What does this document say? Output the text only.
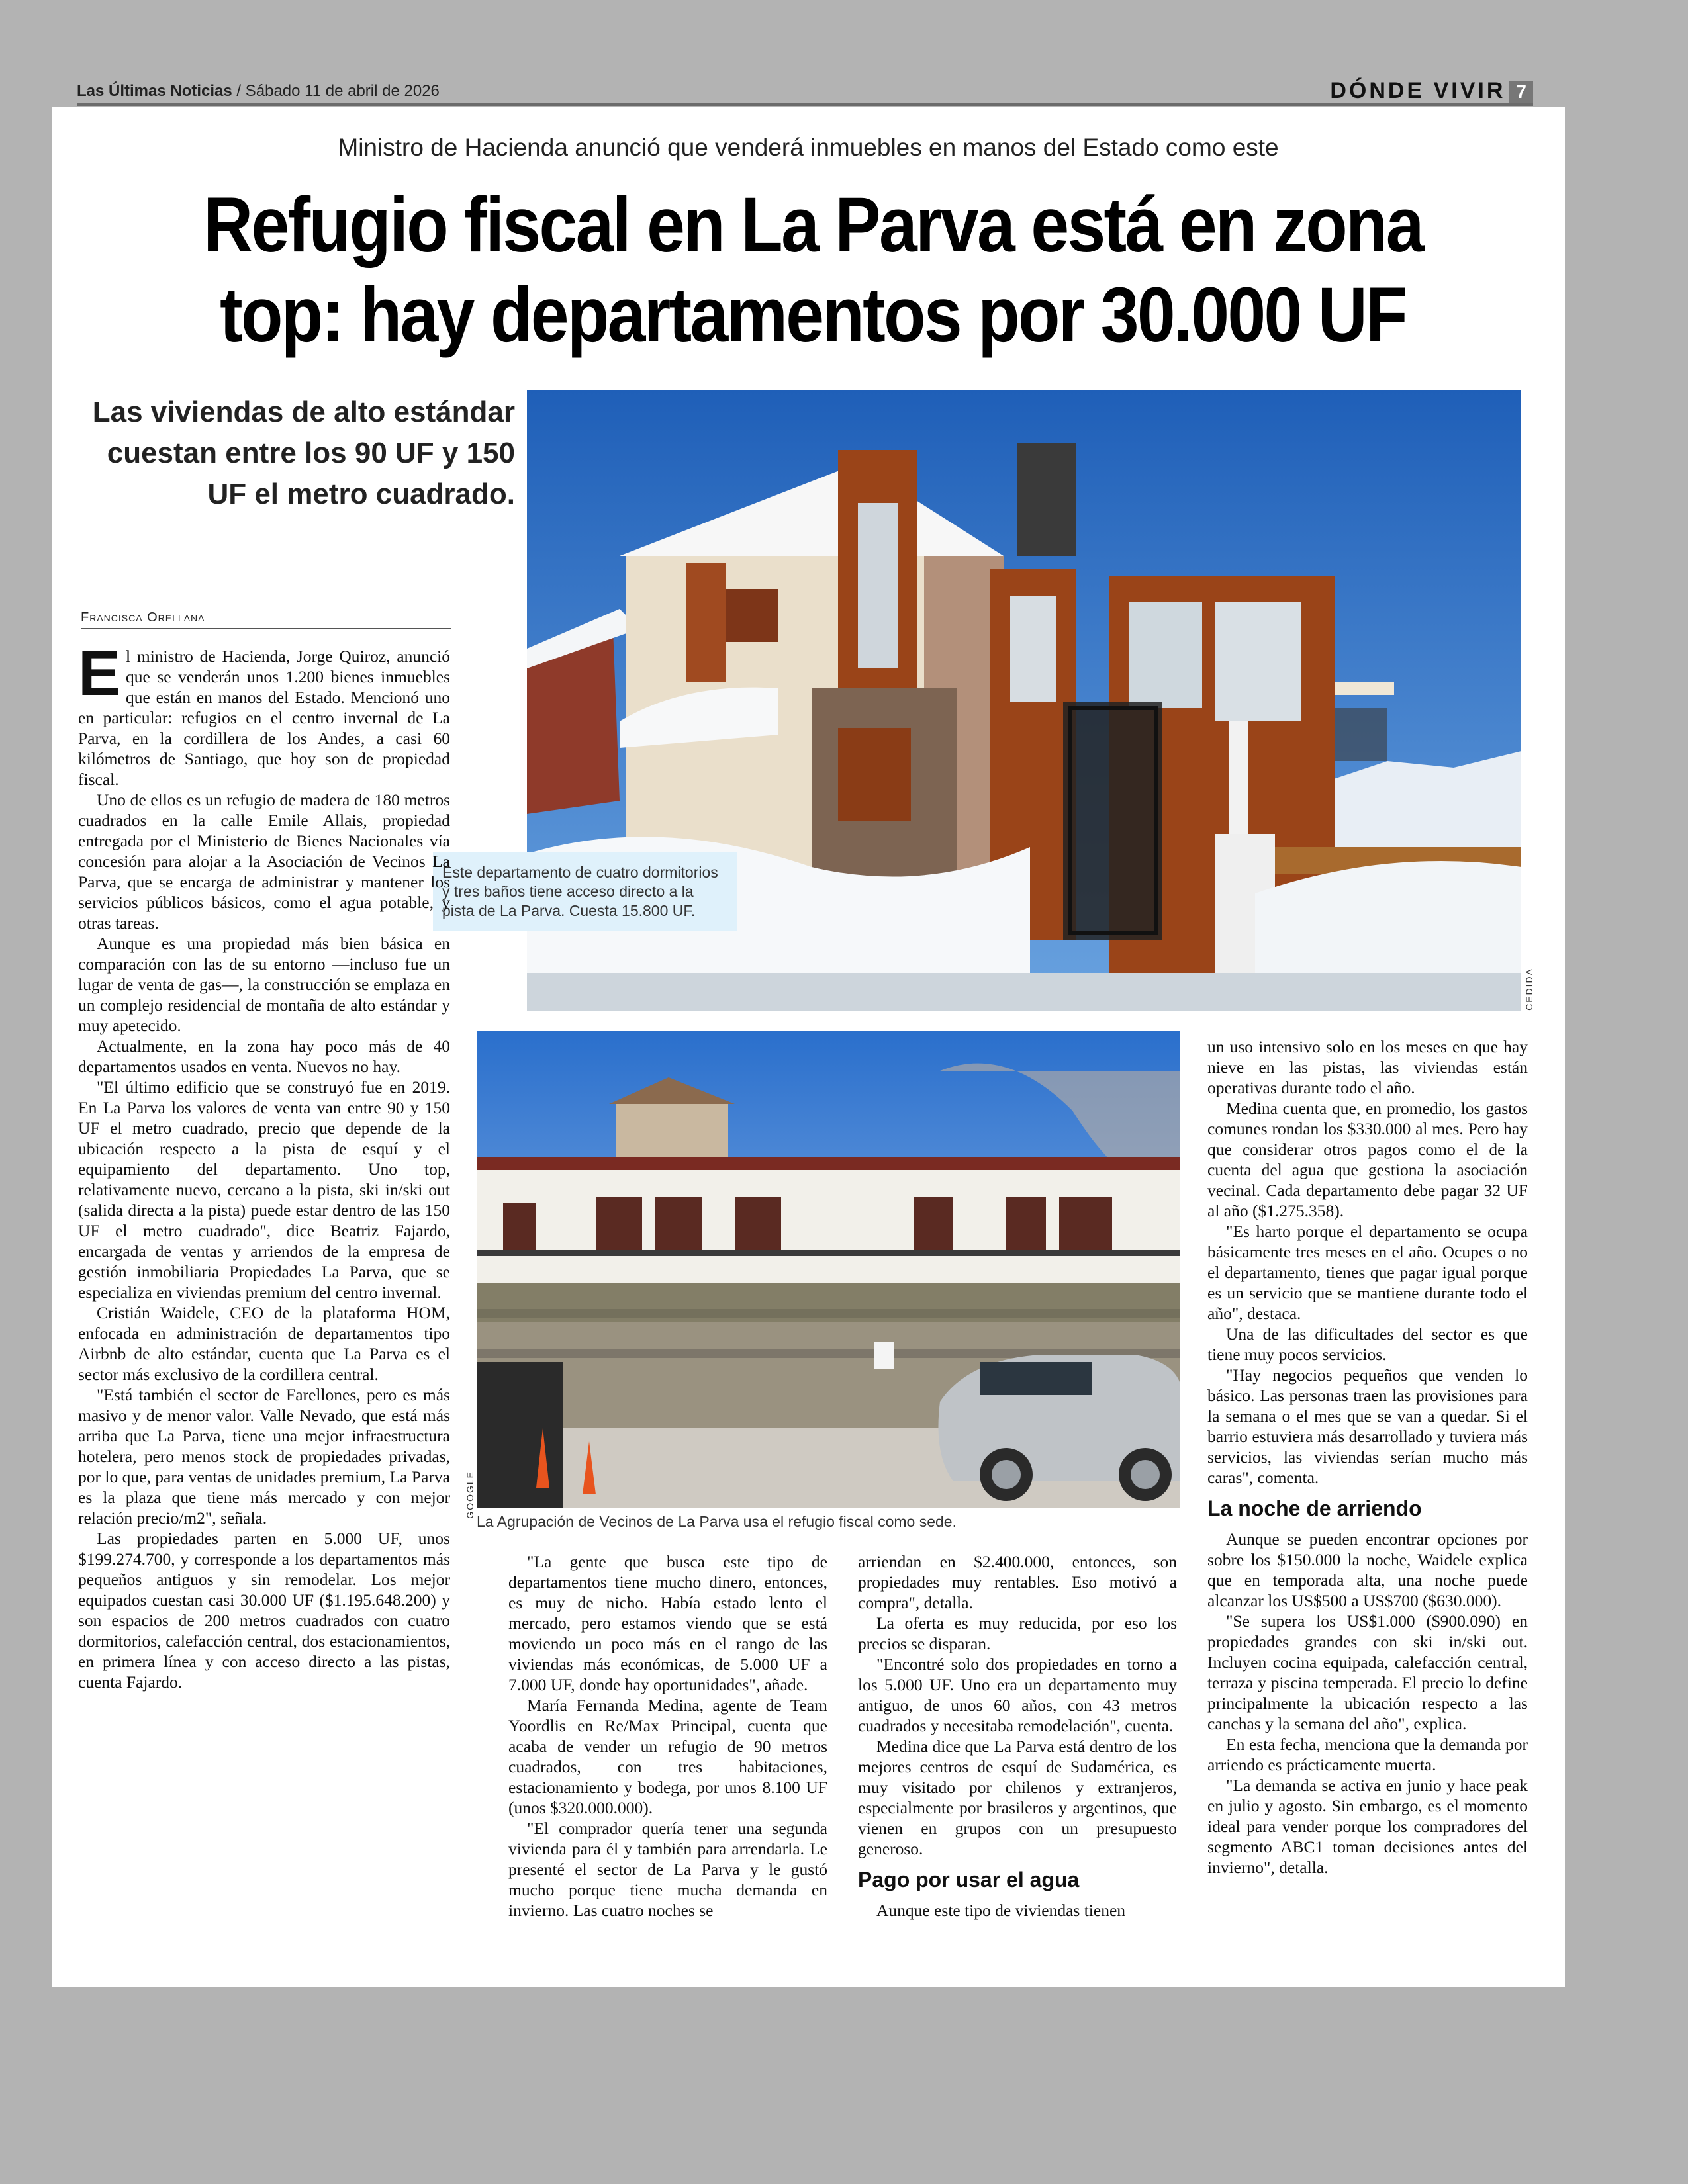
Las Últimas Noticias / Sábado 11 de abril de 2026	DÓNDE VIVIR 7
Ministro de Hacienda anunció que venderá inmuebles en manos del Estado como este
Refugio fiscal en La Parva está en zona
top: hay departamentos por 30.000 UF
Las viviendas de alto estándar cuestan entre los 90 UF y 150 UF el metro cuadrado.
Francisca Orellana
CEDIDA
Este departamento de cuatro dormitorios y tres baños tiene acceso directo a la pista de La Parva. Cuesta 15.800 UF.
GOOGLE
La Agrupación de Vecinos de La Parva usa el refugio fiscal como sede.

El ministro de Hacienda, Jorge Quiroz, anunció que se venderán unos 1.200 bienes inmuebles que están en manos del Estado. Mencionó uno en particular: refugios en el centro invernal de La Parva, en la cordillera de los Andes, a casi 60 kilómetros de Santiago, que hoy son de propiedad fiscal.

Uno de ellos es un refugio de madera de 180 metros cuadrados en la calle Emile Allais, propiedad entregada por el Ministerio de Bienes Nacionales vía concesión para alojar a la Asociación de Vecinos La Parva, que se encarga de administrar y mantener los servicios públicos básicos, como el agua potable, y otras tareas.

Aunque es una propiedad más bien básica en comparación con las de su entorno —incluso fue un lugar de venta de gas—, la construcción se emplaza en un complejo residencial de montaña de alto estándar y muy apetecido.

Actualmente, en la zona hay poco más de 40 departamentos usados en venta. Nuevos no hay.

"El último edificio que se construyó fue en 2019. En La Parva los valores de venta van entre 90 y 150 UF el metro cuadrado, precio que depende de la ubicación respecto a la pista de esquí y el equipamiento del departamento. Uno top, relativamente nuevo, cercano a la pista, ski in/ski out (salida directa a la pista) puede estar dentro de las 150 UF el metro cuadrado", dice Beatriz Fajardo, encargada de ventas y arriendos de la empresa de gestión inmobiliaria Propiedades La Parva, que se especializa en viviendas premium del centro invernal.

Cristián Waidele, CEO de la plataforma HOM, enfocada en administración de departamentos tipo Airbnb de alto estándar, cuenta que La Parva es el sector más exclusivo de la cordillera central.

"Está también el sector de Farellones, pero es más masivo y de menor valor. Valle Nevado, que está más arriba que La Parva, tiene una mejor infraestructura hotelera, pero menos stock de propiedades privadas, por lo que, para ventas de unidades premium, La Parva es la plaza que tiene más mercado y con mejor relación precio/m2", señala.

Las propiedades parten en 5.000 UF, unos $199.274.700, y corresponde a los departamentos más pequeños antiguos y sin remodelar. Los mejor equipados cuestan casi 30.000 UF ($1.195.648.200) y son espacios de 200 metros cuadrados con cuatro dormitorios, calefacción central, dos estacionamientos, en primera línea y con acceso directo a las pistas, cuenta Fajardo.

"La gente que busca este tipo de departamentos tiene mucho dinero, entonces, es muy de nicho. Había estado lento el mercado, pero estamos viendo que se está moviendo un poco más en el rango de las viviendas más económicas, de 5.000 UF a 7.000 UF, donde hay oportunidades", añade.

María Fernanda Medina, agente de Team Yoordlis en Re/Max Principal, cuenta que acaba de vender un refugio de 90 metros cuadrados, con tres habitaciones, estacionamiento y bodega, por unos 8.100 UF (unos $320.000.000).

"El comprador quería tener una segunda vivienda para él y también para arrendarla. Le presenté el sector de La Parva y le gustó mucho porque tiene mucha demanda en invierno. Las cuatro noches se

arriendan en $2.400.000, entonces, son propiedades muy rentables. Eso motivó a compra", detalla.

La oferta es muy reducida, por eso los precios se disparan.

"Encontré solo dos propiedades en torno a los 5.000 UF. Uno era un departamento muy antiguo, de unos 60 años, con 43 metros cuadrados y necesitaba remodelación", cuenta.

Medina dice que La Parva está dentro de los mejores centros de esquí de Sudamérica, es muy visitado por chilenos y extranjeros, especialmente por brasileros y argentinos, que vienen en grupos con un presupuesto generoso.

Pago por usar el agua

Aunque este tipo de viviendas tienen

un uso intensivo solo en los meses en que hay nieve en las pistas, las viviendas están operativas durante todo el año.

Medina cuenta que, en promedio, los gastos comunes rondan los $330.000 al mes. Pero hay que considerar otros pagos como el de la cuenta del agua que gestiona la asociación vecinal. Cada departamento debe pagar 32 UF al año ($1.275.358).

"Es harto porque el departamento se ocupa básicamente tres meses en el año. Ocupes o no el departamento, tienes que pagar igual porque es un servicio que se mantiene durante todo el año", destaca.

Una de las dificultades del sector es que tiene muy pocos servicios.

"Hay negocios pequeños que venden lo básico. Las personas traen las provisiones para la semana o el mes que se van a quedar. Si el barrio estuviera más desarrollado y tuviera más servicios, las viviendas serían mucho más caras", comenta.

La noche de arriendo

Aunque se pueden encontrar opciones por sobre los $150.000 la noche, Waidele explica que en temporada alta, una noche puede alcanzar los US$500 a US$700 ($630.000).

"Se supera los US$1.000 ($900.090) en propiedades grandes con ski in/ski out. Incluyen cocina equipada, calefacción central, terraza y piscina temperada. El precio lo define principalmente la ubicación respecto a las canchas y la semana del año", explica.

En esta fecha, menciona que la demanda por arriendo es prácticamente muerta.

"La demanda se activa en junio y hace peak en julio y agosto. Sin embargo, es el momento ideal para vender porque los compradores del segmento ABC1 toman decisiones antes del invierno", detalla.
